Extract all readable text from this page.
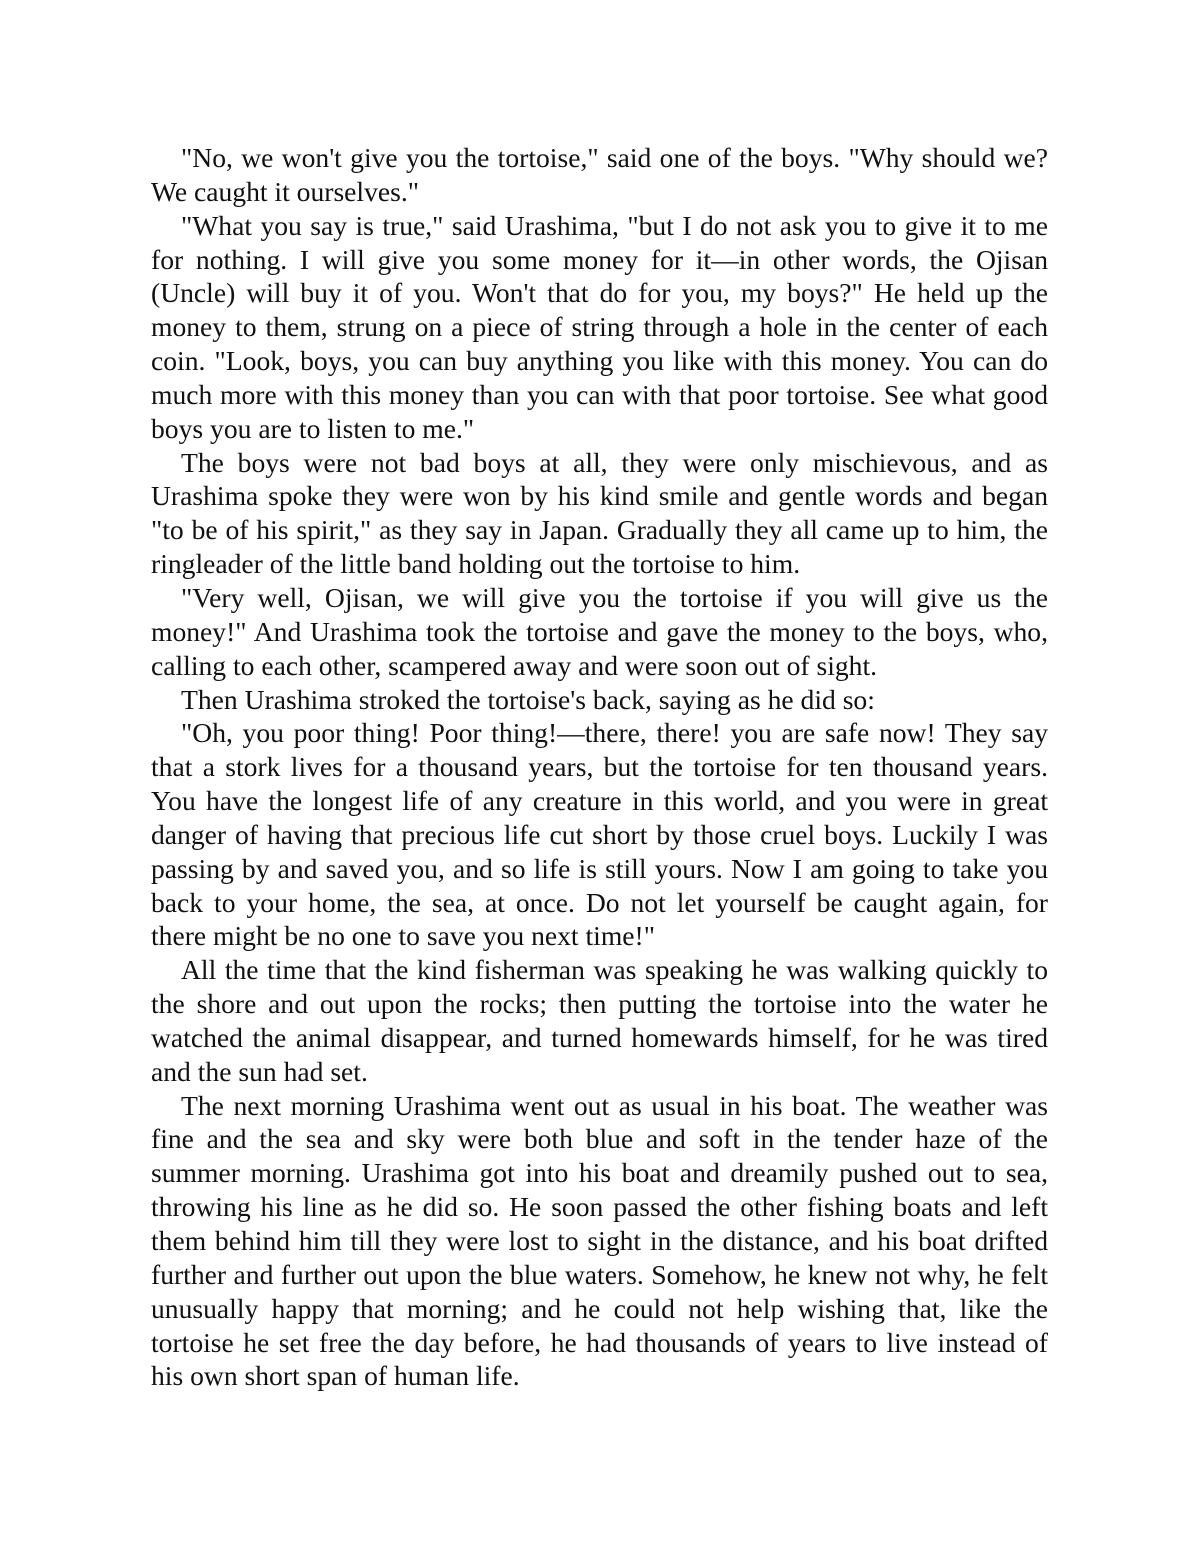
"No, we won't give you the tortoise," said one of the boys. "Why should we? We caught it ourselves."

"What you say is true," said Urashima, "but I do not ask you to give it to me for nothing. I will give you some money for it—in other words, the Ojisan (Uncle) will buy it of you. Won't that do for you, my boys?" He held up the money to them, strung on a piece of string through a hole in the center of each coin. "Look, boys, you can buy anything you like with this money. You can do much more with this money than you can with that poor tortoise. See what good boys you are to listen to me."

The boys were not bad boys at all, they were only mischievous, and as Urashima spoke they were won by his kind smile and gentle words and began "to be of his spirit," as they say in Japan. Gradually they all came up to him, the ringleader of the little band holding out the tortoise to him.

"Very well, Ojisan, we will give you the tortoise if you will give us the money!" And Urashima took the tortoise and gave the money to the boys, who, calling to each other, scampered away and were soon out of sight.

Then Urashima stroked the tortoise's back, saying as he did so:

"Oh, you poor thing! Poor thing!—there, there! you are safe now! They say that a stork lives for a thousand years, but the tortoise for ten thousand years. You have the longest life of any creature in this world, and you were in great danger of having that precious life cut short by those cruel boys. Luckily I was passing by and saved you, and so life is still yours. Now I am going to take you back to your home, the sea, at once. Do not let yourself be caught again, for there might be no one to save you next time!"

All the time that the kind fisherman was speaking he was walking quickly to the shore and out upon the rocks; then putting the tortoise into the water he watched the animal disappear, and turned homewards himself, for he was tired and the sun had set.

The next morning Urashima went out as usual in his boat. The weather was fine and the sea and sky were both blue and soft in the tender haze of the summer morning. Urashima got into his boat and dreamily pushed out to sea, throwing his line as he did so. He soon passed the other fishing boats and left them behind him till they were lost to sight in the distance, and his boat drifted further and further out upon the blue waters. Somehow, he knew not why, he felt unusually happy that morning; and he could not help wishing that, like the tortoise he set free the day before, he had thousands of years to live instead of his own short span of human life.
